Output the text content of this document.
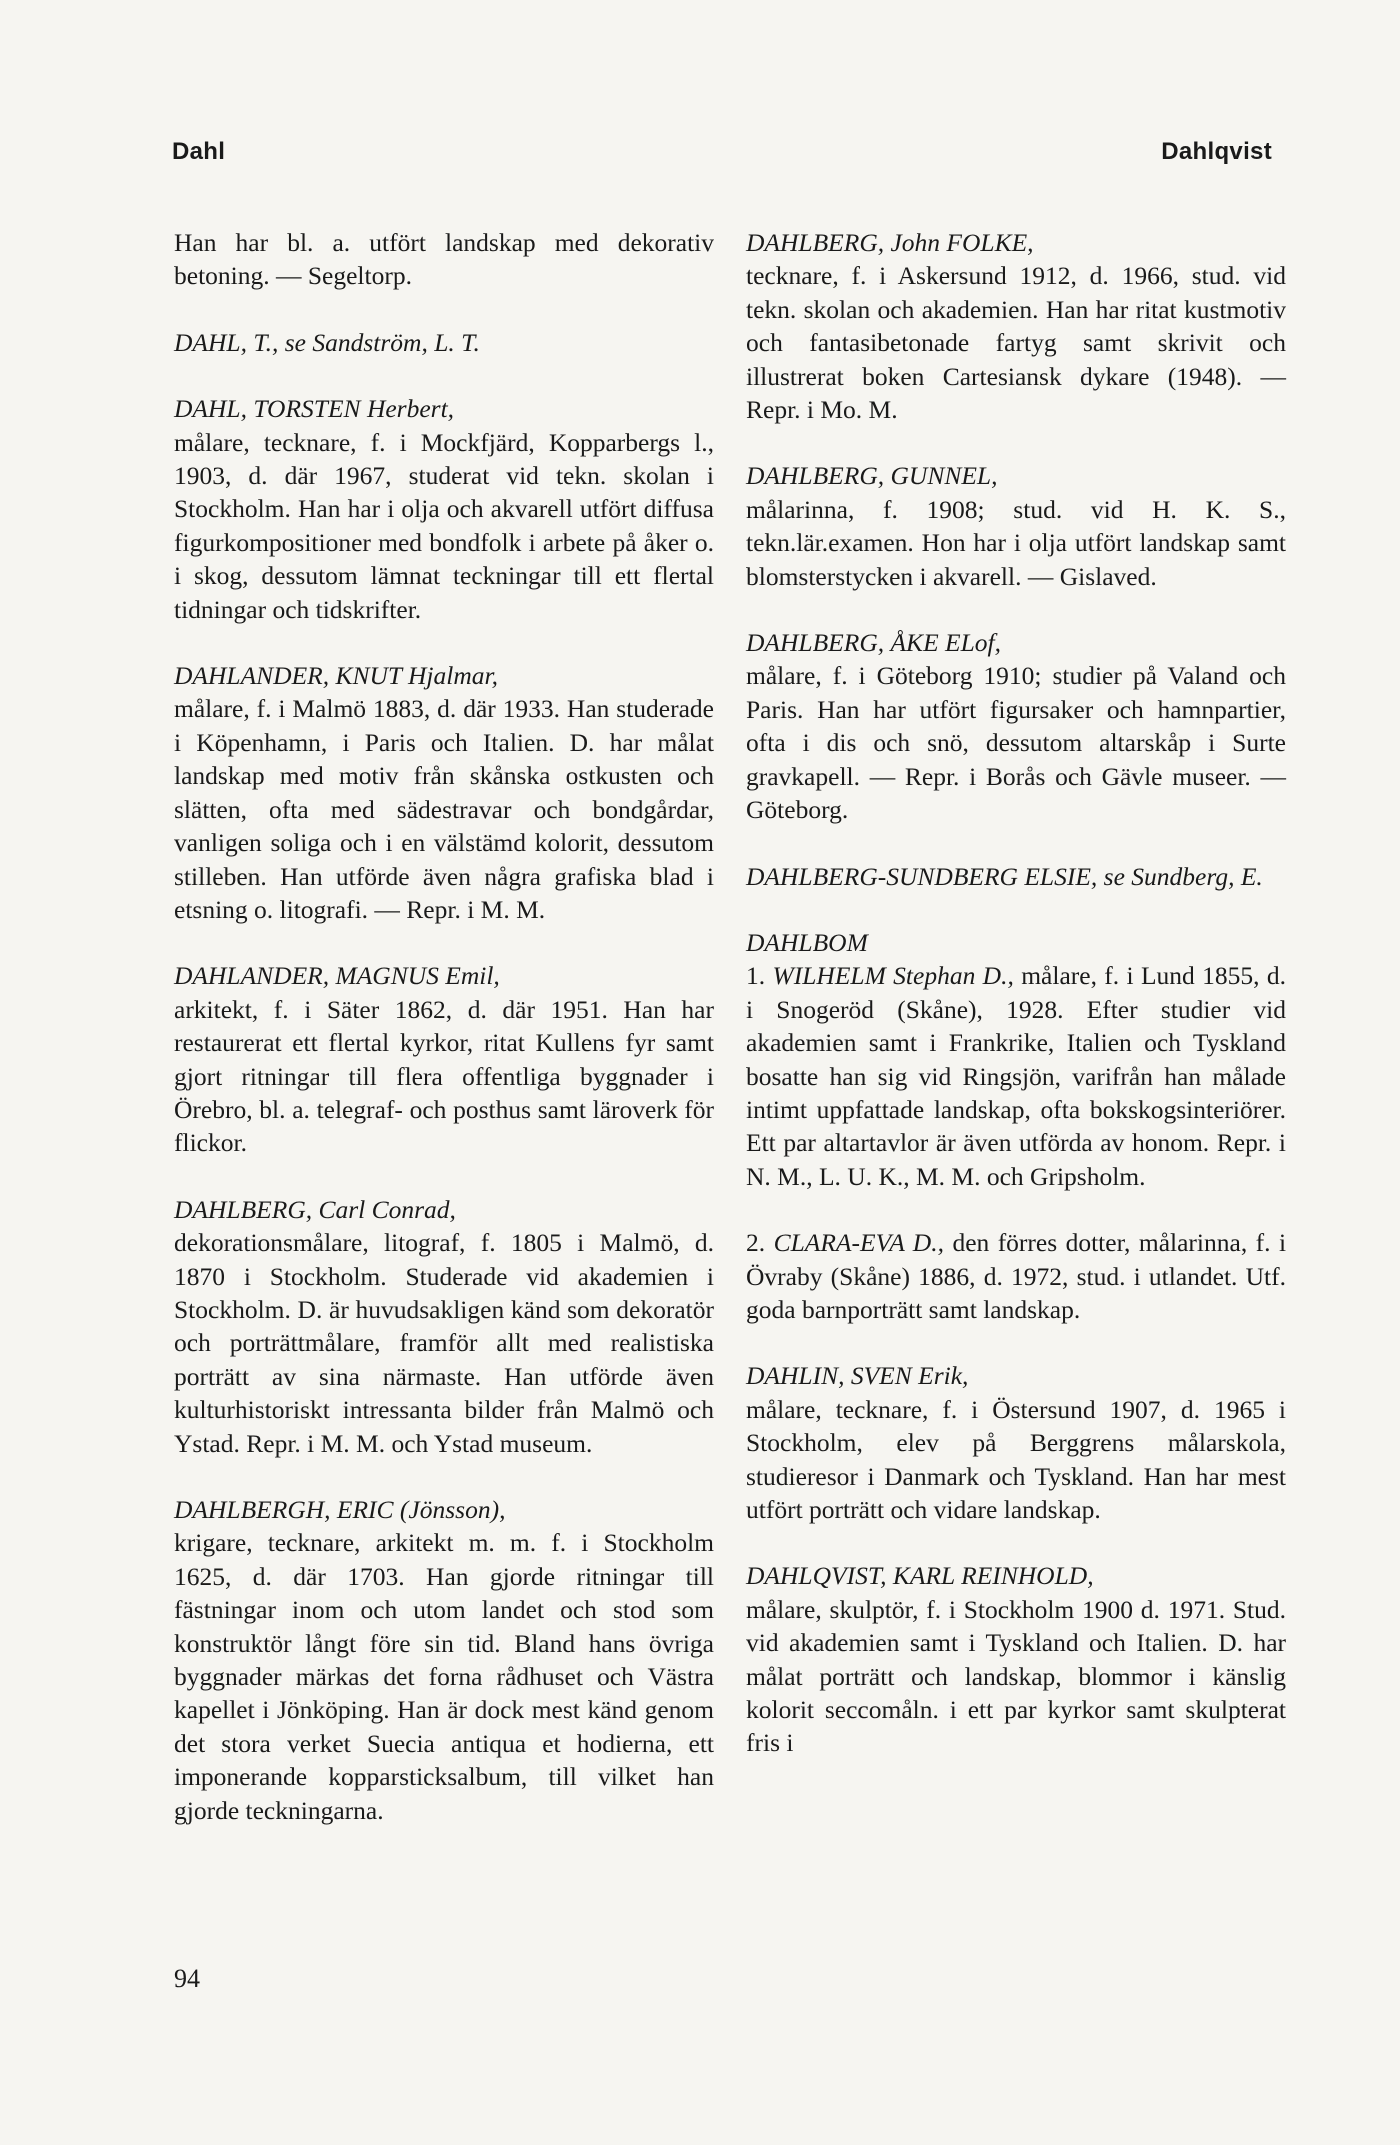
Dahl	Dahlqvist
Han har bl. a. utfört landskap med dekorativ betoning. — Segeltorp.
DAHL, T., se Sandström, L. T.
DAHL, TORSTEN Herbert,
målare, tecknare, f. i Mockfjärd, Kopparbergs l., 1903, d. där 1967, studerat vid tekn. skolan i Stockholm. Han har i olja och akvarell utfört diffusa figurkompositioner med bondfolk i arbete på åker o. i skog, dessutom lämnat teckningar till ett flertal tidningar och tidskrifter.
DAHLANDER, KNUT Hjalmar,
målare, f. i Malmö 1883, d. där 1933. Han studerade i Köpenhamn, i Paris och Italien. D. har målat landskap med motiv från skånska ostkusten och slätten, ofta med sädestravar och bondgårdar, vanligen soliga och i en välstämd kolorit, dessutom stilleben. Han utförde även några grafiska blad i etsning o. litografi. — Repr. i M. M.
DAHLANDER, MAGNUS Emil,
arkitekt, f. i Säter 1862, d. där 1951. Han har restaurerat ett flertal kyrkor, ritat Kullens fyr samt gjort ritningar till flera offentliga byggnader i Örebro, bl. a. telegraf- och posthus samt läroverk för flickor.
DAHLBERG, Carl Conrad,
dekorationsmålare, litograf, f. 1805 i Malmö, d. 1870 i Stockholm. Studerade vid akademien i Stockholm. D. är huvudsakligen känd som dekoratör och porträttmålare, framför allt med realistiska porträtt av sina närmaste. Han utförde även kulturhistoriskt intressanta bilder från Malmö och Ystad. Repr. i M. M. och Ystad museum.
DAHLBERGH, ERIC (Jönsson),
krigare, tecknare, arkitekt m. m. f. i Stockholm 1625, d. där 1703. Han gjorde ritningar till fästningar inom och utom landet och stod som konstruktör långt före sin tid. Bland hans övriga byggnader märkas det forna rådhuset och Västra kapellet i Jönköping. Han är dock mest känd genom det stora verket Suecia antiqua et hodierna, ett imponerande kopparsticksalbum, till vilket han gjorde teckningarna.
DAHLBERG, John FOLKE,
tecknare, f. i Askersund 1912, d. 1966, stud. vid tekn. skolan och akademien. Han har ritat kustmotiv och fantasibetonade fartyg samt skrivit och illustrerat boken Cartesiansk dykare (1948). — Repr. i Mo. M.
DAHLBERG, GUNNEL,
målarinna, f. 1908; stud. vid H. K. S., tekn.lär.examen. Hon har i olja utfört landskap samt blomsterstycken i akvarell. — Gislaved.
DAHLBERG, ÅKE ELof,
målare, f. i Göteborg 1910; studier på Valand och Paris. Han har utfört figursaker och hamnpartier, ofta i dis och snö, dessutom altarskåp i Surte gravkapell. — Repr. i Borås och Gävle museer. — Göteborg.
DAHLBERG-SUNDBERG ELSIE, se Sundberg, E.
DAHLBOM
1. WILHELM Stephan D., målare, f. i Lund 1855, d. i Snogeröd (Skåne), 1928. Efter studier vid akademien samt i Frankrike, Italien och Tyskland bosatte han sig vid Ringsjön, varifrån han målade intimt uppfattade landskap, ofta bokskogsinteriörer. Ett par altartavlor är även utförda av honom. Repr. i N. M., L. U. K., M. M. och Gripsholm.
2. CLARA-EVA D., den förres dotter, målarinna, f. i Övraby (Skåne) 1886, d. 1972, stud. i utlandet. Utf. goda barnporträtt samt landskap.
DAHLIN, SVEN Erik,
målare, tecknare, f. i Östersund 1907, d. 1965 i Stockholm, elev på Berggrens målarskola, studieresor i Danmark och Tyskland. Han har mest utfört porträtt och vidare landskap.
DAHLQVIST, KARL REINHOLD,
målare, skulptör, f. i Stockholm 1900 d. 1971. Stud. vid akademien samt i Tyskland och Italien. D. har målat porträtt och landskap, blommor i känslig kolorit seccomåln. i ett par kyrkor samt skulpterat fris i
94
